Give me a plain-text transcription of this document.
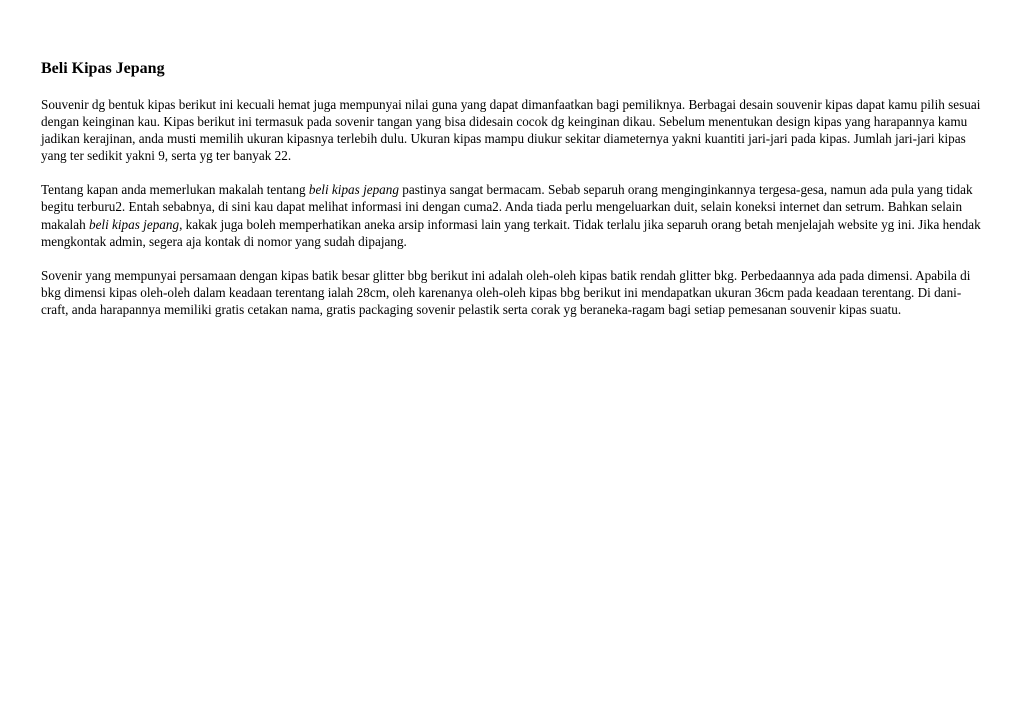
Beli Kipas Jepang

Souvenir dg bentuk kipas berikut ini kecuali hemat juga mempunyai nilai guna yang dapat dimanfaatkan bagi pemiliknya. Berbagai desain souvenir kipas dapat kamu pilih sesuai dengan keinginan kau. Kipas berikut ini termasuk pada sovenir tangan yang bisa didesain cocok dg keinginan dikau. Sebelum menentukan design kipas yang harapannya kamu jadikan kerajinan, anda musti memilih ukuran kipasnya terlebih dulu. Ukuran kipas mampu diukur sekitar diameternya yakni kuantiti jari-jari pada kipas. Jumlah jari-jari kipas yang ter sedikit yakni 9, serta yg ter banyak 22.

Tentang kapan anda memerlukan makalah tentang beli kipas jepang pastinya sangat bermacam. Sebab separuh orang menginginkannya tergesa-gesa, namun ada pula yang tidak begitu terburu2. Entah sebabnya, di sini kau dapat melihat informasi ini dengan cuma2. Anda tiada perlu mengeluarkan duit, selain koneksi internet dan setrum. Bahkan selain makalah beli kipas jepang, kakak juga boleh memperhatikan aneka arsip informasi lain yang terkait. Tidak terlalu jika separuh orang betah menjelajah website yg ini. Jika hendak mengkontak admin, segera aja kontak di nomor yang sudah dipajang.

Sovenir yang mempunyai persamaan dengan kipas batik besar glitter bbg berikut ini adalah oleh-oleh kipas batik rendah glitter bkg. Perbedaannya ada pada dimensi. Apabila di bkg dimensi kipas oleh-oleh dalam keadaan terentang ialah 28cm, oleh karenanya oleh-oleh kipas bbg berikut ini mendapatkan ukuran 36cm pada keadaan terentang. Di dani-craft, anda harapannya memiliki gratis cetakan nama, gratis packaging sovenir pelastik serta corak yg beraneka-ragam bagi setiap pemesanan souvenir kipas suatu.
